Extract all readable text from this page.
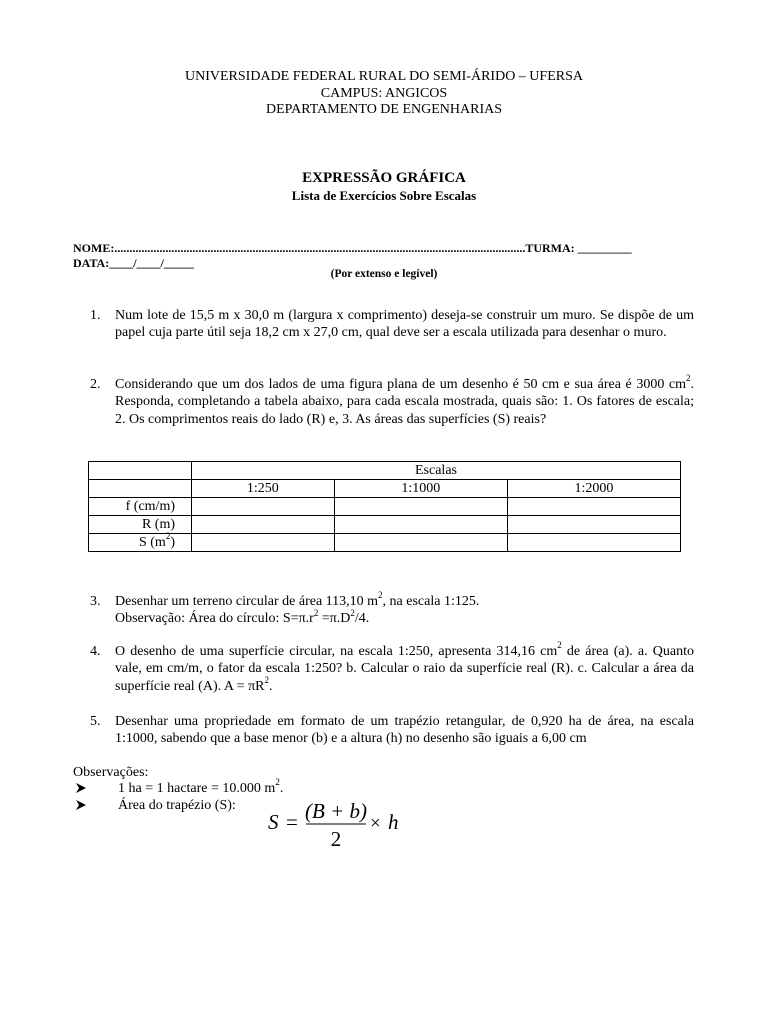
UNIVERSIDADE FEDERAL RURAL DO SEMI-ÁRIDO – UFERSA
CAMPUS: ANGICOS
DEPARTAMENTO DE ENGENHARIAS
EXPRESSÃO GRÁFICA
Lista de Exercícios Sobre Escalas
NOME:.........................................................................................................................................TURMA: _________
DATA:____/____/_____
(Por extenso e legível)
1. Num lote de 15,5 m x 30,0 m (largura x comprimento) deseja-se construir um muro. Se dispõe de um papel cuja parte útil seja 18,2 cm x 27,0 cm, qual deve ser a escala utilizada para desenhar o muro.
2. Considerando que um dos lados de uma figura plana de um desenho é 50 cm e sua área é 3000 $cm^2$. Responda, completando a tabela abaixo, para cada escala mostrada, quais são: 1. Os fatores de escala; 2. Os comprimentos reais do lado (R) e, 3. As áreas das superfícies (S) reais?
	Escalas		
	1:250	1:1000	1:2000
f (cm/m)			
R (m)			
S $(m^2)$			
3. Desenhar um terreno circular de área 113,10 $m^2$, na escala 1:125.
Observação: Área do círculo: $S=\pi.r^2 =\pi.D^2/4$.
4. O desenho de uma superfície circular, na escala 1:250, apresenta 314,16 $cm^2$ de área (a). a. Quanto vale, em cm/m, o fator da escala 1:250? b. Calcular o raio da superfície real (R). c. Calcular a área da superfície real (A). $A = \pi R^2$.
5. Desenhar uma propriedade em formato de um trapézio retangular, de 0,920 ha de área, na escala 1:1000, sabendo que a base menor (b) e a altura (h) no desenho são iguais a 6,00 cm
Observações:
1 ha = 1 hactare = 10.000 $m^2$.
Área do trapézio (S):
S = (B + b)
2
× h
